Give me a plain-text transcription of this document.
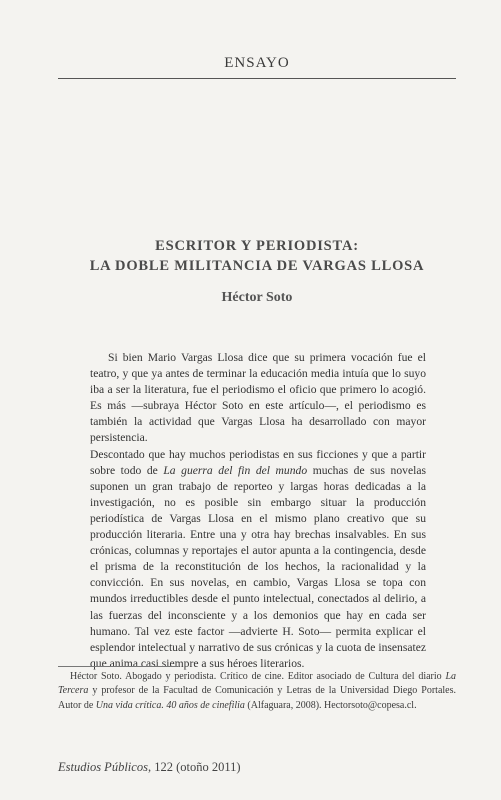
ENSAYO
ESCRITOR Y PERIODISTA:
LA DOBLE MILITANCIA DE VARGAS LLOSA
Héctor Soto

Si bien Mario Vargas Llosa dice que su primera vocación fue el teatro, y que ya antes de terminar la educación media intuía que lo suyo iba a ser la literatura, fue el periodismo el oficio que primero lo acogió. Es más —subraya Héctor Soto en este artículo—, el periodismo es también la actividad que Vargas Llosa ha desarrollado con mayor persistencia.

Descontado que hay muchos periodistas en sus ficciones y que a partir sobre todo de La guerra del fin del mundo muchas de sus novelas suponen un gran trabajo de reporteo y largas horas dedicadas a la investigación, no es posible sin embargo situar la producción periodística de Vargas Llosa en el mismo plano creativo que su producción literaria. Entre una y otra hay brechas insalvables. En sus crónicas, columnas y reportajes el autor apunta a la contingencia, desde el prisma de la reconstitución de los hechos, la racionalidad y la convicción. En sus novelas, en cambio, Vargas Llosa se topa con mundos irreductibles desde el punto intelectual, conectados al delirio, a las fuerzas del inconsciente y a los demonios que hay en cada ser humano. Tal vez este factor —advierte H. Soto— permita explicar el esplendor intelectual y narrativo de sus crónicas y la cuota de insensatez que anima casi siempre a sus héroes literarios.

Héctor Soto. Abogado y periodista. Crítico de cine. Editor asociado de Cultura del diario La Tercera y profesor de la Facultad de Comunicación y Letras de la Universidad Diego Portales. Autor de Una vida crítica. 40 años de cinefilia (Alfaguara, 2008). Hectorsoto@copesa.cl.

Estudios Públicos, 122 (otoño 2011)
